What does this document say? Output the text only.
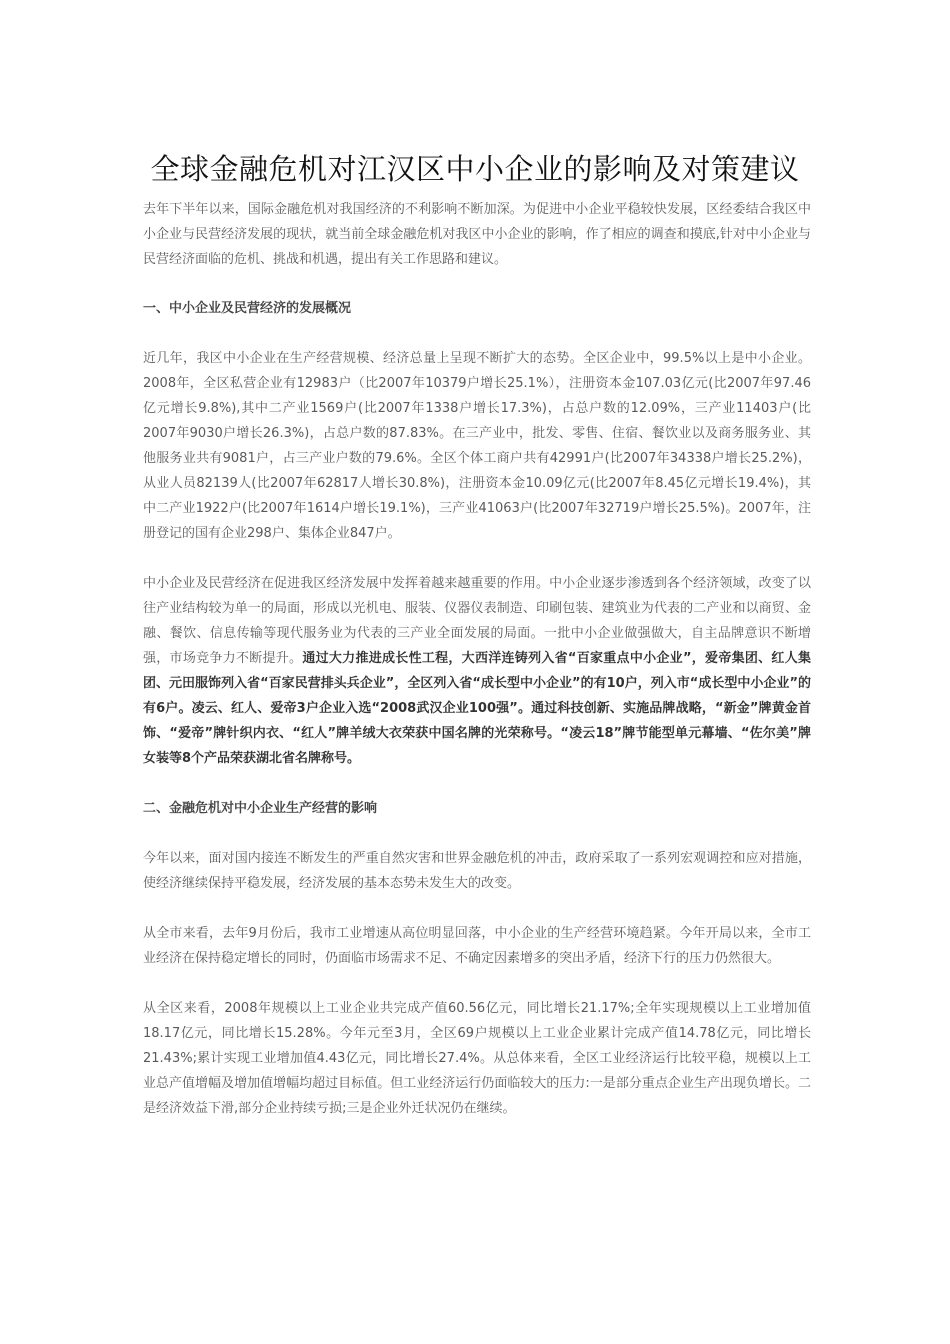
全球金融危机对江汉区中小企业的影响及对策建议

去年下半年以来，国际金融危机对我国经济的不利影响不断加深。为促进中小企业平稳较快发展，区经委结合我区中小企业与民营经济发展的现状，就当前全球金融危机对我区中小企业的影响，作了相应的调查和摸底,针对中小企业与民营经济面临的危机、挑战和机遇，提出有关工作思路和建议。

一、中小企业及民营经济的发展概况

近几年，我区中小企业在生产经营规模、经济总量上呈现不断扩大的态势。全区企业中，99.5%以上是中小企业。2008年，全区私营企业有12983户（比2007年10379户增长25.1%），注册资本金107.03亿元(比2007年97.46亿元增长9.8%),其中二产业1569户(比2007年1338户增长17.3%)，占总户数的12.09%，三产业11403户(比2007年9030户增长26.3%)，占总户数的87.83%。在三产业中，批发、零售、住宿、餐饮业以及商务服务业、其他服务业共有9081户，占三产业户数的79.6%。全区个体工商户共有42991户(比2007年34338户增长25.2%)，从业人员82139人(比2007年62817人增长30.8%)，注册资本金10.09亿元(比2007年8.45亿元增长19.4%)，其中二产业1922户(比2007年1614户增长19.1%)，三产业41063户(比2007年32719户增长25.5%)。2007年，注册登记的国有企业298户、集体企业847户。

中小企业及民营经济在促进我区经济发展中发挥着越来越重要的作用。中小企业逐步渗透到各个经济领域，改变了以往产业结构较为单一的局面，形成以光机电、服装、仪器仪表制造、印刷包装、建筑业为代表的二产业和以商贸、金融、餐饮、信息传输等现代服务业为代表的三产业全面发展的局面。一批中小企业做强做大，自主品牌意识不断增强，市场竞争力不断提升。通过大力推进成长性工程，大西洋连铸列入省“百家重点中小企业”，爱帝集团、红人集团、元田服饰列入省“百家民营排头兵企业”，全区列入省“成长型中小企业”的有10户，列入市“成长型中小企业”的有6户。凌云、红人、爱帝3户企业入选“2008武汉企业100强”。通过科技创新、实施品牌战略，“新金”牌黄金首饰、“爱帝”牌针织内衣、“红人”牌羊绒大衣荣获中国名牌的光荣称号。“凌云18”牌节能型单元幕墙、“佐尔美”牌女装等8个产品荣获湖北省名牌称号。

二、金融危机对中小企业生产经营的影响

今年以来，面对国内接连不断发生的严重自然灾害和世界金融危机的冲击，政府采取了一系列宏观调控和应对措施，使经济继续保持平稳发展，经济发展的基本态势未发生大的改变。

从全市来看，去年9月份后，我市工业增速从高位明显回落，中小企业的生产经营环境趋紧。今年开局以来，全市工业经济在保持稳定增长的同时，仍面临市场需求不足、不确定因素增多的突出矛盾，经济下行的压力仍然很大。

从全区来看，2008年规模以上工业企业共完成产值60.56亿元，同比增长21.17%;全年实现规模以上工业增加值18.17亿元，同比增长15.28%。今年元至3月，全区69户规模以上工业企业累计完成产值14.78亿元，同比增长21.43%;累计实现工业增加值4.43亿元，同比增长27.4%。从总体来看，全区工业经济运行比较平稳，规模以上工业总产值增幅及增加值增幅均超过目标值。但工业经济运行仍面临较大的压力:一是部分重点企业生产出现负增长。二是经济效益下滑,部分企业持续亏损;三是企业外迁状况仍在继续。
